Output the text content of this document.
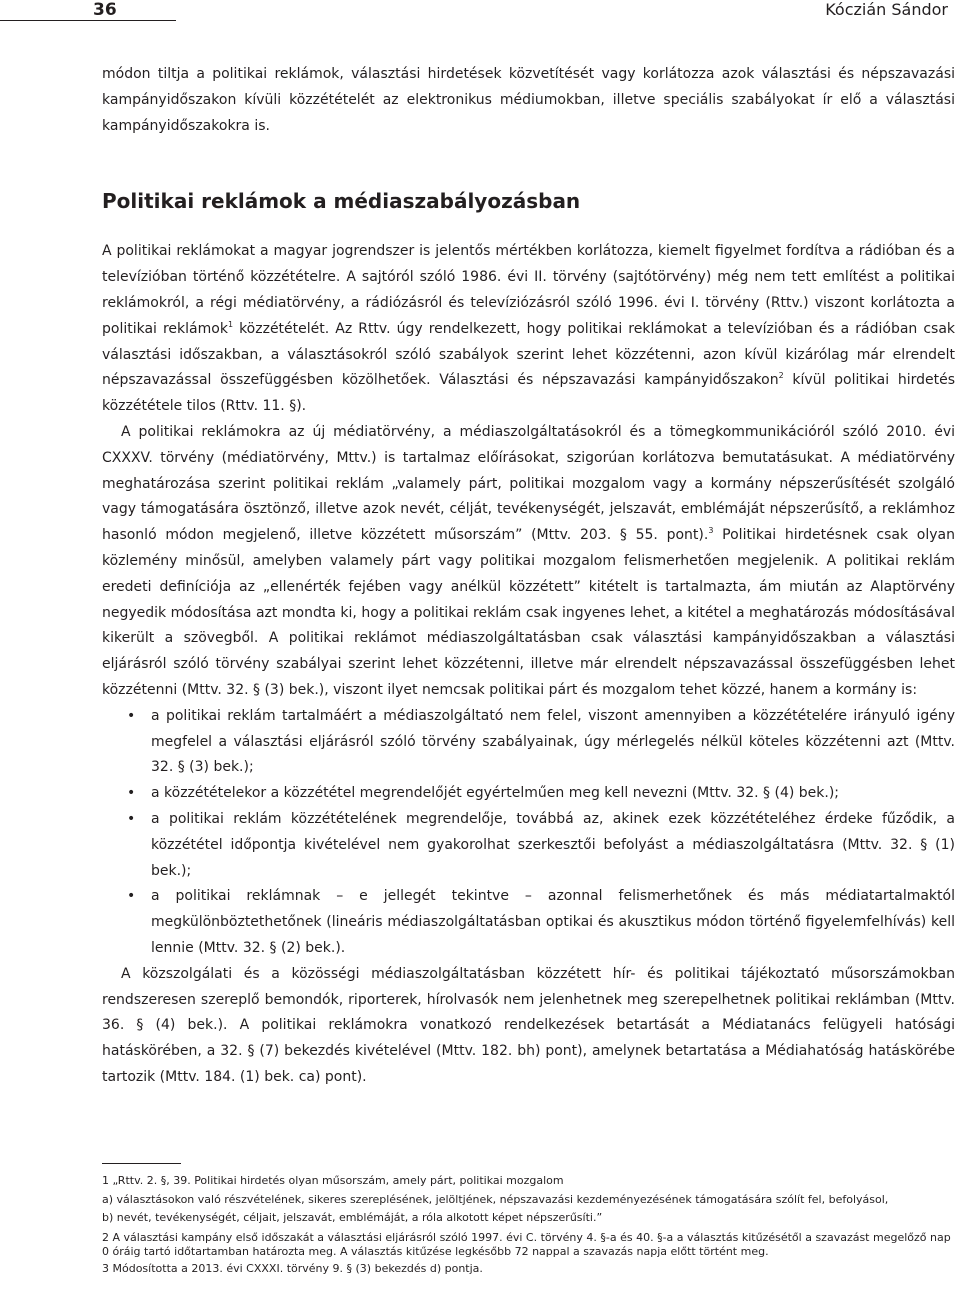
36	Kóczián Sándor

módon tiltja a politikai reklámok, választási hirdetések közvetítését vagy korlátozza azok választási és népszavazási kampányidőszakon kívüli közzétételét az elektronikus médiumokban, illetve speciális szabályokat ír elő a választási kampányidőszakokra is.

Politikai reklámok a médiaszabályozásban

A politikai reklámokat a magyar jogrendszer is jelentős mértékben korlátozza, kiemelt figyelmet fordítva a rádióban és a televízióban történő közzétételre. A sajtóról szóló 1986. évi II. törvény (sajtótörvény) még nem tett említést a politikai reklámokról, a régi médiatörvény, a rádiózásról és televíziózásról szóló 1996. évi I. törvény (Rttv.) viszont korlátozta a politikai reklámok$^1$ közzétételét. Az Rttv. úgy rendelkezett, hogy politikai reklámokat a televízióban és a rádióban csak választási időszakban, a választásokról szóló szabályok szerint lehet közzétenni, azon kívül kizárólag már elrendelt népszavazással összefüggésben közölhetőek. Választási és népszavazási kampányidőszakon$^2$ kívül politikai hirdetés közzététele tilos (Rttv. 11. §).

A politikai reklámokra az új médiatörvény, a médiaszolgáltatásokról és a tömegkommunikációról szóló 2010. évi CXXXV. törvény (médiatörvény, Mttv.) is tartalmaz előírásokat, szigorúan korlátozva bemutatásukat. A médiatörvény meghatározása szerint politikai reklám „valamely párt, politikai mozgalom vagy a kormány népszerűsítését szolgáló vagy támogatására ösztönző, illetve azok nevét, célját, tevékenységét, jelszavát, emblémáját népszerűsítő, a reklámhoz hasonló módon megjelenő, illetve közzétett műsorszám” (Mttv. 203. § 55. pont).$^3$ Politikai hirdetésnek csak olyan közlemény minősül, amelyben valamely párt vagy politikai mozgalom felismerhetően megjelenik. A politikai reklám eredeti definíciója az „ellenérték fejében vagy anélkül közzétett” kitételt is tartalmazta, ám miután az Alaptörvény negyedik módosítása azt mondta ki, hogy a politikai reklám csak ingyenes lehet, a kitétel a meghatározás módosításával kikerült a szövegből. A politikai reklámot médiaszolgáltatásban csak választási kampányidőszakban a választási eljárásról szóló törvény szabályai szerint lehet közzétenni, illetve már elrendelt népszavazással összefüggésben lehet közzétenni (Mttv. 32. § (3) bek.), viszont ilyet nemcsak politikai párt és mozgalom tehet közzé, hanem a kormány is:

• a politikai reklám tartalmáért a médiaszolgáltató nem felel, viszont amennyiben a közzétételére irányuló igény megfelel a választási eljárásról szóló törvény szabályainak, úgy mérlegelés nélkül köteles közzétenni azt (Mttv. 32. § (3) bek.);
• a közzétételekor a közzététel megrendelőjét egyértelműen meg kell nevezni (Mttv. 32. § (4) bek.);
• a politikai reklám közzétételének megrendelője, továbbá az, akinek ezek közzétételéhez érdeke fűződik, a közzététel időpontja kivételével nem gyakorolhat szerkesztői befolyást a médiaszolgáltatásra (Mttv. 32. § (1) bek.);
• a politikai reklámnak – e jellegét tekintve – azonnal felismerhetőnek és más médiatartalmaktól megkülönböztethetőnek (lineáris médiaszolgáltatásban optikai és akusztikus módon történő figyelemfelhívás) kell lennie (Mttv. 32. § (2) bek.).

A közszolgálati és a közösségi médiaszolgáltatásban közzétett hír- és politikai tájékoztató műsorszámokban rendszeresen szereplő bemondók, riporterek, hírolvasók nem jelenhetnek meg szerepelhetnek politikai reklámban (Mttv. 36. § (4) bek.). A politikai reklámokra vonatkozó rendelkezések betartását a Médiatanács felügyeli hatósági hatáskörében, a 32. § (7) bekezdés kivételével (Mttv. 182. bh) pont), amelynek betartatása a Médiahatóság hatáskörébe tartozik (Mttv. 184. (1) bek. ca) pont).

1 „Rttv. 2. §, 39. Politikai hirdetés olyan műsorszám, amely párt, politikai mozgalom

a) választásokon való részvételének, sikeres szereplésének, jelöltjének, népszavazási kezdeményezésének támogatására szólít fel, befolyásol,

b) nevét, tevékenységét, céljait, jelszavát, emblémáját, a róla alkotott képet népszerűsíti.”

2 A választási kampány első időszakát a választási eljárásról szóló 1997. évi C. törvény 4. §-a és 40. §-a a választás kitűzésétől a szavazást megelőző nap 0 óráig tartó időtartamban határozta meg. A választás kitűzése legkésőbb 72 nappal a szavazás napja előtt történt meg.

3 Módosította a 2013. évi CXXXI. törvény 9. § (3) bekezdés d) pontja.
